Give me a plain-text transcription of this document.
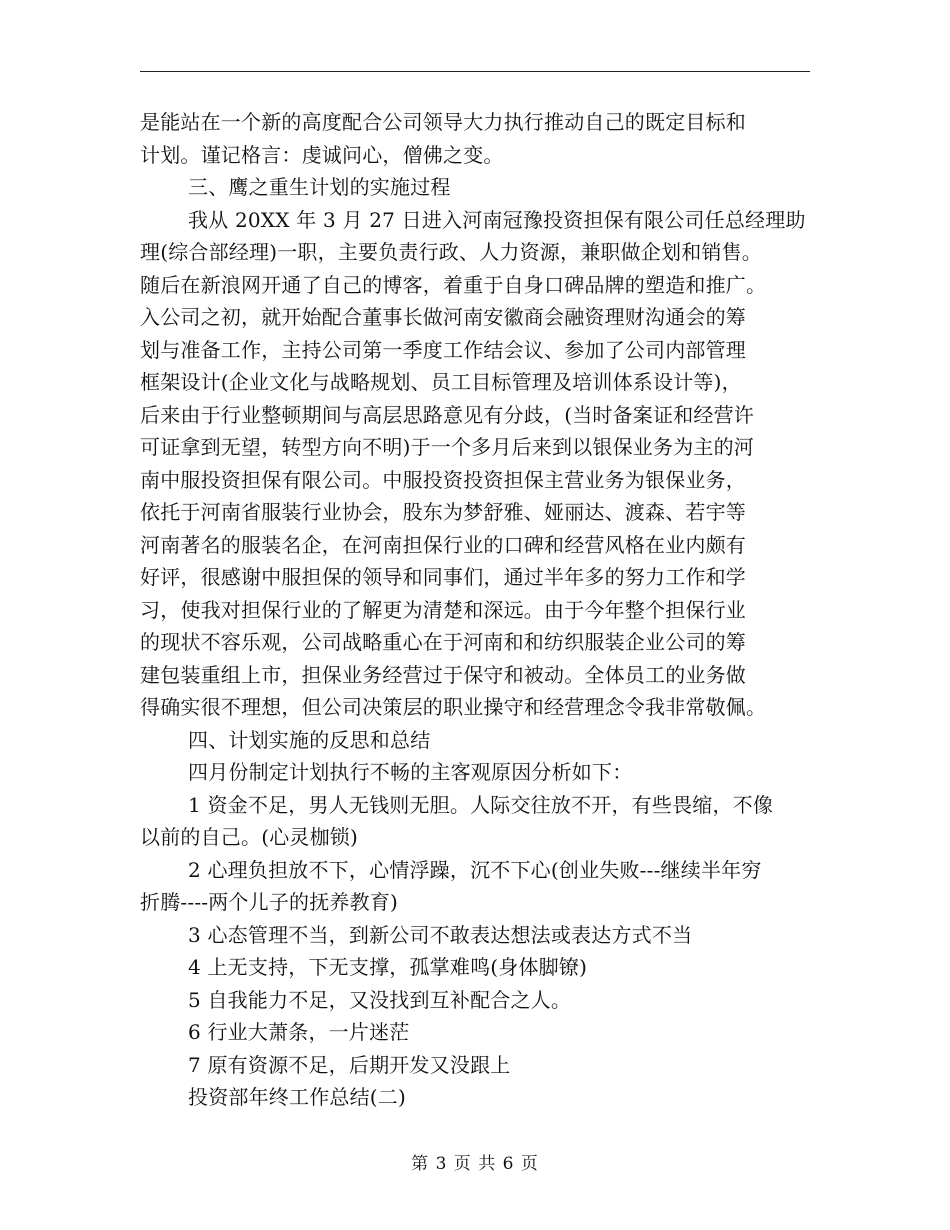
是能站在一个新的高度配合公司领导大力执行推动自己的既定目标和
计划。谨记格言：虔诚问心，僧佛之变。
三、鹰之重生计划的实施过程
我从 20XX 年 3 月 27 日进入河南冠豫投资担保有限公司任总经理助
理(综合部经理)一职，主要负责行政、人力资源，兼职做企划和销售。
随后在新浪网开通了自己的博客，着重于自身口碑品牌的塑造和推广。
入公司之初，就开始配合董事长做河南安徽商会融资理财沟通会的筹
划与准备工作，主持公司第一季度工作结会议、参加了公司内部管理
框架设计(企业文化与战略规划、员工目标管理及培训体系设计等)，
后来由于行业整顿期间与高层思路意见有分歧，(当时备案证和经营许
可证拿到无望，转型方向不明)于一个多月后来到以银保业务为主的河
南中服投资担保有限公司。中服投资投资担保主营业务为银保业务，
依托于河南省服装行业协会，股东为梦舒雅、娅丽达、渡森、若宇等
河南著名的服装名企，在河南担保行业的口碑和经营风格在业内颇有
好评，很感谢中服担保的领导和同事们，通过半年多的努力工作和学
习，使我对担保行业的了解更为清楚和深远。由于今年整个担保行业
的现状不容乐观，公司战略重心在于河南和和纺织服装企业公司的筹
建包装重组上市，担保业务经营过于保守和被动。全体员工的业务做
得确实很不理想，但公司决策层的职业操守和经营理念令我非常敬佩。
四、计划实施的反思和总结
四月份制定计划执行不畅的主客观原因分析如下：
1 资金不足，男人无钱则无胆。人际交往放不开，有些畏缩，不像
以前的自己。(心灵枷锁)
2 心理负担放不下，心情浮躁，沉不下心(创业失败---继续半年穷
折腾----两个儿子的抚养教育)
3 心态管理不当，到新公司不敢表达想法或表达方式不当
4 上无支持，下无支撑，孤掌难鸣(身体脚镣)
5 自我能力不足，又没找到互补配合之人。
6 行业大萧条，一片迷茫
7 原有资源不足，后期开发又没跟上
投资部年终工作总结(二)
第 3 页 共 6 页
